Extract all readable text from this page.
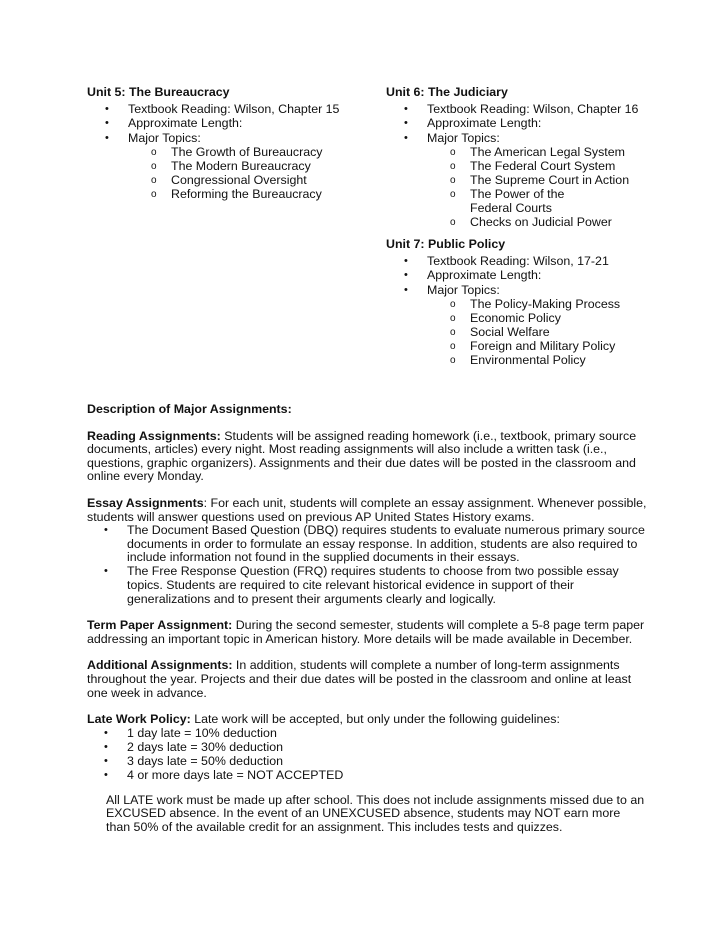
Unit 5: The Bureaucracy
• Textbook Reading: Wilson, Chapter 15
• Approximate Length:
• Major Topics:
o The Growth of Bureaucracy
o The Modern Bureaucracy
o Congressional Oversight
o Reforming the Bureaucracy
Unit 6: The Judiciary
• Textbook Reading: Wilson, Chapter 16
• Approximate Length:
• Major Topics:
o The American Legal System
o The Federal Court System
o The Supreme Court in Action
o The Power of the Federal Courts
o Checks on Judicial Power
Unit 7: Public Policy
• Textbook Reading: Wilson, 17-21
• Approximate Length:
• Major Topics:
o The Policy-Making Process
o Economic Policy
o Social Welfare
o Foreign and Military Policy
o Environmental Policy

Description of Major Assignments:

Reading Assignments: Students will be assigned reading homework (i.e., textbook, primary source documents, articles) every night. Most reading assignments will also include a written task (i.e., questions, graphic organizers). Assignments and their due dates will be posted in the classroom and online every Monday.

Essay Assignments: For each unit, students will complete an essay assignment. Whenever possible, students will answer questions used on previous AP United States History exams.
• The Document Based Question (DBQ) requires students to evaluate numerous primary source documents in order to formulate an essay response. In addition, students are also required to include information not found in the supplied documents in their essays.
• The Free Response Question (FRQ) requires students to choose from two possible essay topics. Students are required to cite relevant historical evidence in support of their generalizations and to present their arguments clearly and logically.

Term Paper Assignment: During the second semester, students will complete a 5-8 page term paper addressing an important topic in American history. More details will be made available in December.

Additional Assignments: In addition, students will complete a number of long-term assignments throughout the year. Projects and their due dates will be posted in the classroom and online at least one week in advance.

Late Work Policy: Late work will be accepted, but only under the following guidelines:
• 1 day late = 10% deduction
• 2 days late = 30% deduction
• 3 days late = 50% deduction
• 4 or more days late = NOT ACCEPTED

All LATE work must be made up after school. This does not include assignments missed due to an EXCUSED absence. In the event of an UNEXCUSED absence, students may NOT earn more than 50% of the available credit for an assignment. This includes tests and quizzes.
